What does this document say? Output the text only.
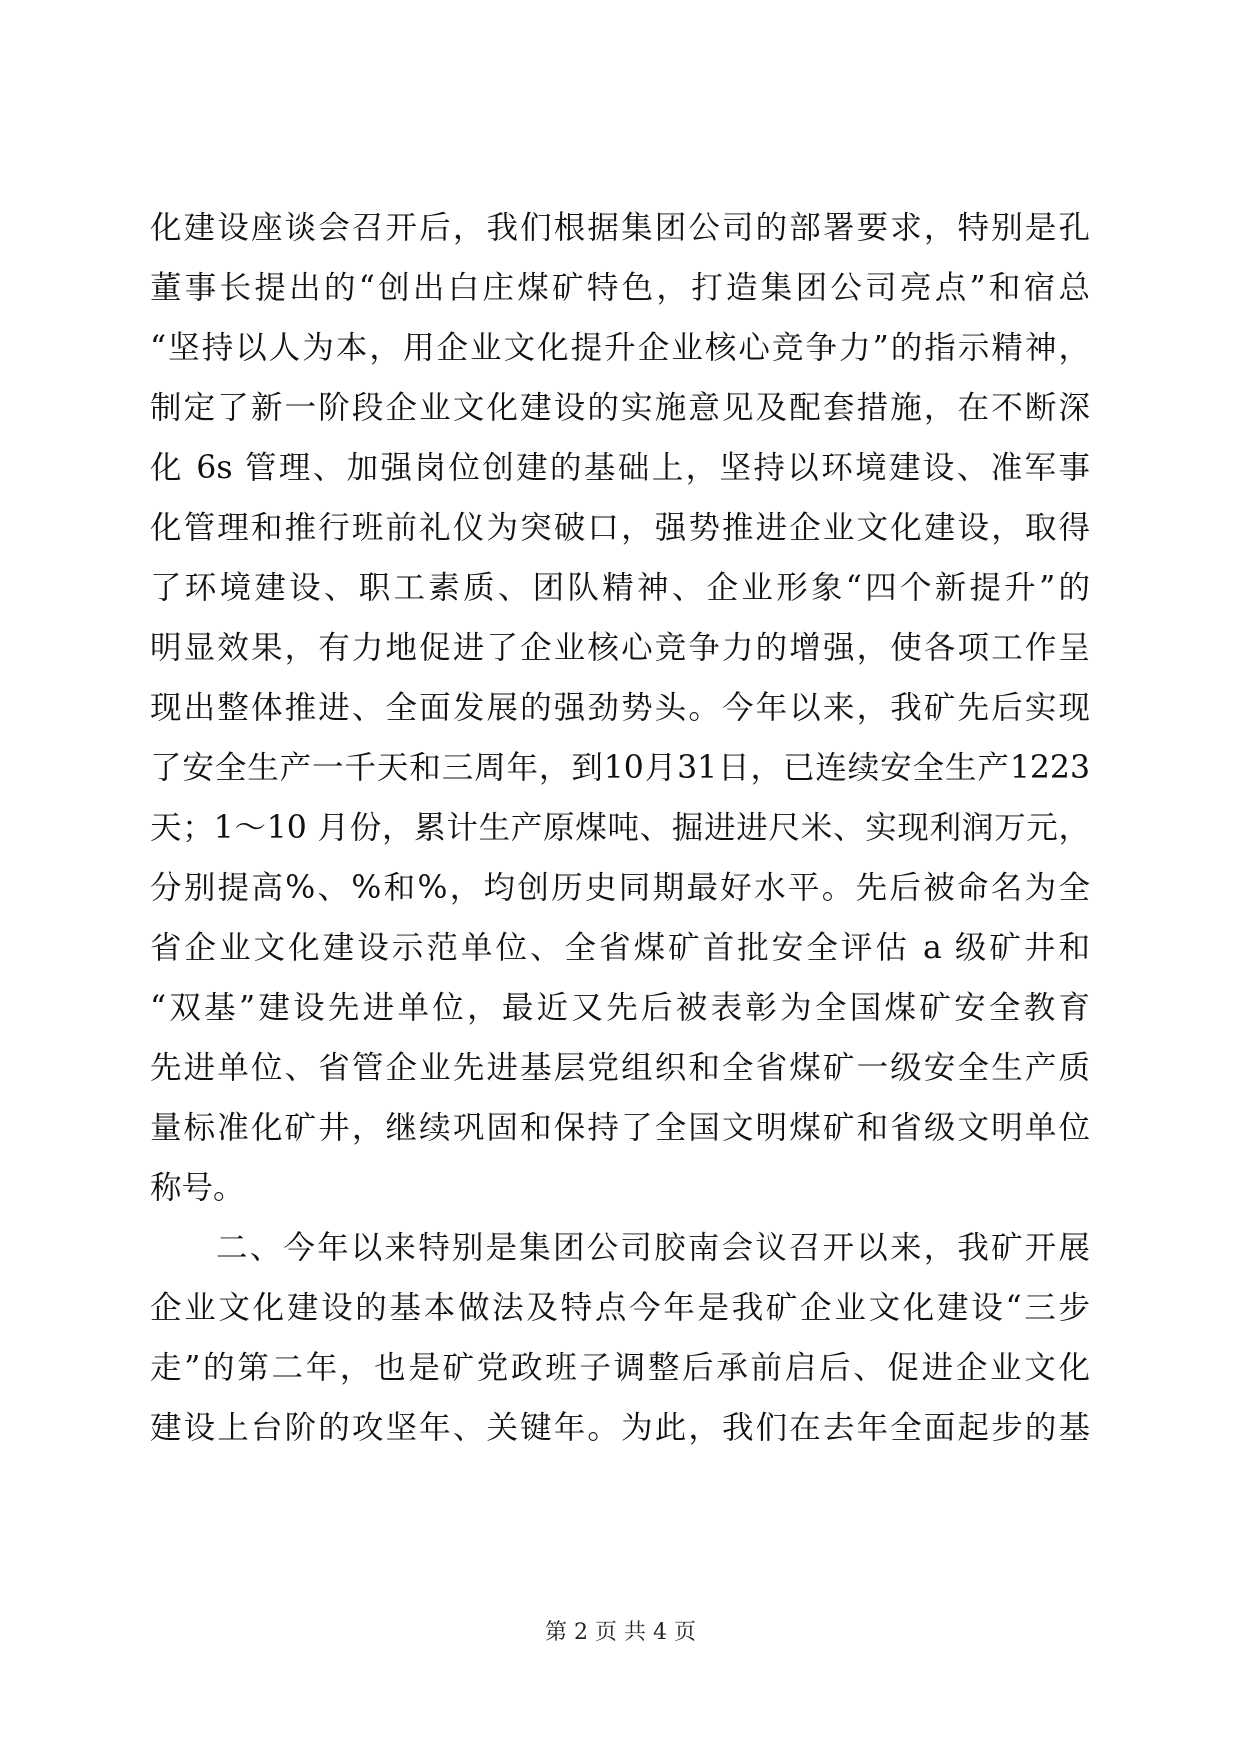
化建设座谈会召开后，我们根据集团公司的部署要求，特别是孔
董事长提出的“创出白庄煤矿特色，打造集团公司亮点”和宿总
“坚持以人为本，用企业文化提升企业核心竞争力”的指示精神，
制定了新一阶段企业文化建设的实施意见及配套措施，在不断深
化 6s 管理、加强岗位创建的基础上，坚持以环境建设、准军事
化管理和推行班前礼仪为突破口，强势推进企业文化建设，取得
了环境建设、职工素质、团队精神、企业形象“四个新提升”的
明显效果，有力地促进了企业核心竞争力的增强，使各项工作呈
现出整体推进、全面发展的强劲势头。今年以来，我矿先后实现
了安全生产一千天和三周年，到10月31日，已连续安全生产1223
天；1～10 月份，累计生产原煤吨、掘进进尺米、实现利润万元，
分别提高%、%和%，均创历史同期最好水平。先后被命名为全
省企业文化建设示范单位、全省煤矿首批安全评估 a 级矿井和
“双基”建设先进单位，最近又先后被表彰为全国煤矿安全教育
先进单位、省管企业先进基层党组织和全省煤矿一级安全生产质
量标准化矿井，继续巩固和保持了全国文明煤矿和省级文明单位
称号。
二、今年以来特别是集团公司胶南会议召开以来，我矿开展
企业文化建设的基本做法及特点今年是我矿企业文化建设“三步
走”的第二年，也是矿党政班子调整后承前启后、促进企业文化
建设上台阶的攻坚年、关键年。为此，我们在去年全面起步的基
第 2 页 共 4 页
